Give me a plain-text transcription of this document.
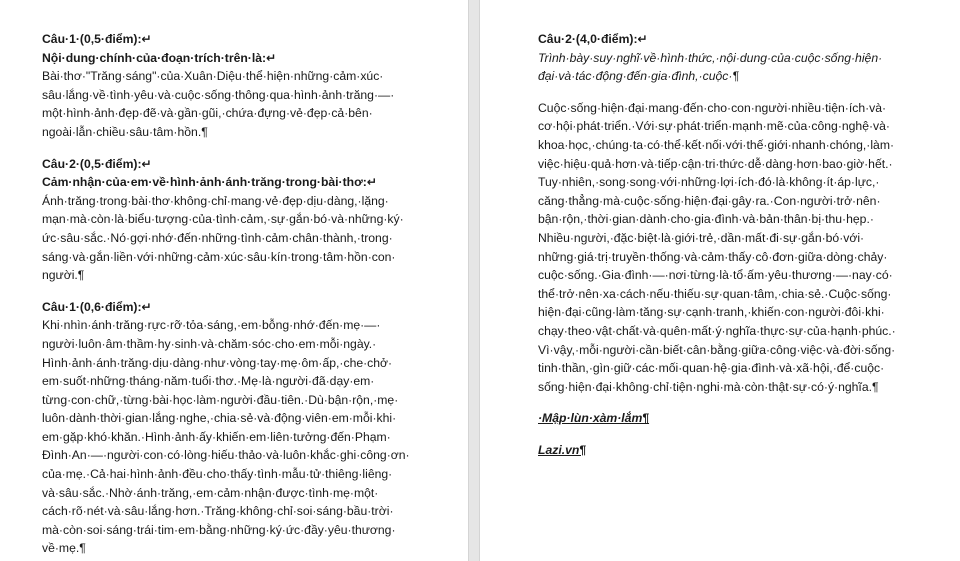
Câu·1·(0,5·điểm):↵

Nội·dung·chính·của·đoạn·trích·trên·là:↵

Bài·thơ·"Trăng·sáng"·của·Xuân·Diệu·thể·hiện·những·cảm·xúc·

sâu·lắng·về·tình·yêu·và·cuộc·sống·thông·qua·hình·ảnh·trăng·—·

một·hình·ảnh·đẹp·đẽ·và·gần·gũi,·chứa·đựng·vẻ·đẹp·cả·bên·

ngoài·lẫn·chiều·sâu·tâm·hồn.¶

Câu·2·(0,5·điểm):↵

Cảm·nhận·của·em·về·hình·ảnh·ánh·trăng·trong·bài·thơ:↵

Ánh·trăng·trong·bài·thơ·không·chỉ·mang·vẻ·đẹp·dịu·dàng,·lặng·

mạn·mà·còn·là·biểu·tượng·của·tình·cảm,·sự·gắn·bó·và·những·ký·

ức·sâu·sắc.·Nó·gợi·nhớ·đến·những·tình·cảm·chân·thành,·trong·

sáng·và·gắn·liền·với·những·cảm·xúc·sâu·kín·trong·tâm·hồn·con·

người.¶

Câu·1·(0,6·điểm):↵

Khi·nhìn·ánh·trăng·rực·rỡ·tỏa·sáng,·em·bỗng·nhớ·đến·mẹ·—·

người·luôn·âm·thầm·hy·sinh·và·chăm·sóc·cho·em·mỗi·ngày.·

Hình·ảnh·ánh·trăng·dịu·dàng·như·vòng·tay·mẹ·ôm·ấp,·che·chở·

em·suốt·những·tháng·năm·tuổi·thơ.·Mẹ·là·người·đã·dạy·em·

từng·con·chữ,·từng·bài·học·làm·người·đầu·tiên.·Dù·bận·rộn,·mẹ·

luôn·dành·thời·gian·lắng·nghe,·chia·sẻ·và·động·viên·em·mỗi·khi·

em·gặp·khó·khăn.·Hình·ảnh·ấy·khiến·em·liên·tưởng·đến·Phạm·

Đình·An·—·người·con·có·lòng·hiếu·thảo·và·luôn·khắc·ghi·công·ơn·

của·mẹ.·Cả·hai·hình·ảnh·đều·cho·thấy·tình·mẫu·tử·thiêng·liêng·

và·sâu·sắc.·Nhờ·ánh·trăng,·em·cảm·nhận·được·tình·mẹ·một·

cách·rõ·nét·và·sâu·lắng·hơn.·Trăng·không·chỉ·soi·sáng·bầu·trời·

mà·còn·soi·sáng·trái·tim·em·bằng·những·ký·ức·đầy·yêu·thương·

về·mẹ.¶

Câu·2·(4,0·điểm):↵

Trình·bày·suy·nghĩ·về·hình·thức,·nội·dung·của·cuộc·sống·hiện·

đại·và·tác·động·đến·gia·đình,·cuộc·¶

Cuộc·sống·hiện·đại·mang·đến·cho·con·người·nhiều·tiện·ích·và·

cơ·hội·phát·triển.·Với·sự·phát·triển·mạnh·mẽ·của·công·nghệ·và·

khoa·học,·chúng·ta·có·thể·kết·nối·với·thế·giới·nhanh·chóng,·làm·

việc·hiệu·quả·hơn·và·tiếp·cận·tri·thức·dễ·dàng·hơn·bao·giờ·hết.·

Tuy·nhiên,·song·song·với·những·lợi·ích·đó·là·không·ít·áp·lực,·

căng·thẳng·mà·cuộc·sống·hiện·đại·gây·ra.·Con·người·trở·nên·

bận·rộn,·thời·gian·dành·cho·gia·đình·và·bản·thân·bị·thu·hẹp.·

Nhiều·người,·đặc·biệt·là·giới·trẻ,·dần·mất·đi·sự·gắn·bó·với·

những·giá·trị·truyền·thống·và·cảm·thấy·cô·đơn·giữa·dòng·chảy·

cuộc·sống.·Gia·đình·—·nơi·từng·là·tổ·ấm·yêu·thương·—·nay·có·

thể·trở·nên·xa·cách·nếu·thiếu·sự·quan·tâm,·chia·sẻ.·Cuộc·sống·

hiện·đại·cũng·làm·tăng·sự·cạnh·tranh,·khiến·con·người·đôi·khi·

chạy·theo·vật·chất·và·quên·mất·ý·nghĩa·thực·sự·của·hạnh·phúc.·

Vì·vậy,·mỗi·người·cần·biết·cân·bằng·giữa·công·việc·và·đời·sống·

tinh·thần,·gìn·giữ·các·mối·quan·hệ·gia·đình·và·xã·hội,·để·cuộc·

sống·hiện·đại·không·chỉ·tiện·nghi·mà·còn·thật·sự·có·ý·nghĩa.¶

·Mập·lùn·xàm·lắm¶

Lazi.vn¶
